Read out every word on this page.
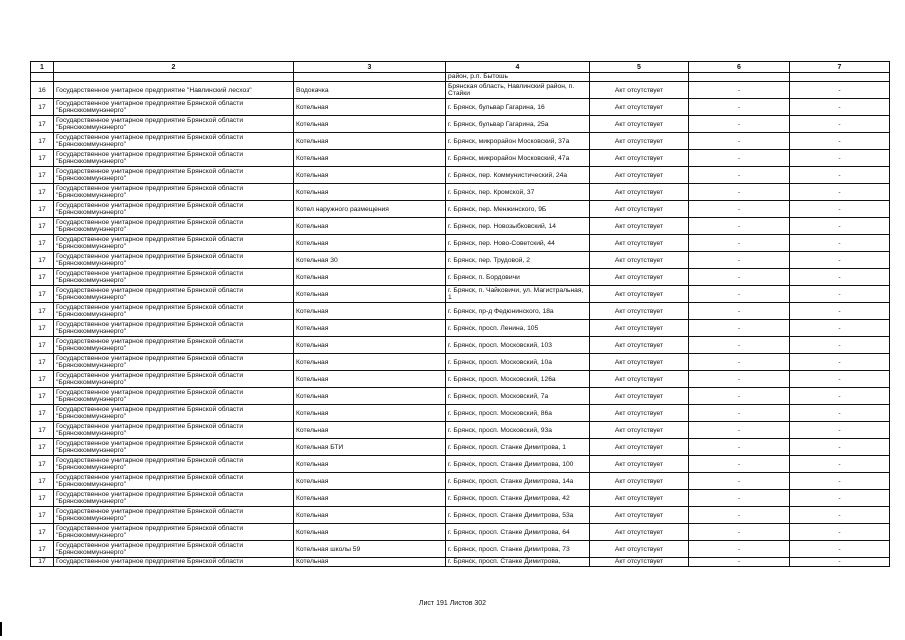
1	2	3	4	5	6	7
			район, р.п. Бытошь			
16	Государственное унитарное предприятие "Навлинский лесхоз"	Водокачка	Брянская область, Навлинский район, п. Стайки	Акт отсутствует	-	-
17	Государственное унитарное предприятие Брянской области "Брянсккоммунэнерго"	Котельная	г. Брянск, бульвар Гагарина, 16	Акт отсутствует	-	-
17	Государственное унитарное предприятие Брянской области "Брянсккоммунэнерго"	Котельная	г. Брянск, бульвар Гагарина, 25а	Акт отсутствует	-	-
17	Государственное унитарное предприятие Брянской области "Брянсккоммунэнерго"	Котельная	г. Брянск, микрорайон Московский, 37а	Акт отсутствует	-	-
17	Государственное унитарное предприятие Брянской области "Брянсккоммунэнерго"	Котельная	г. Брянск, микрорайон Московский, 47а	Акт отсутствует	-	-
17	Государственное унитарное предприятие Брянской области "Брянсккоммунэнерго"	Котельная	г. Брянск, пер. Коммунистический, 24а	Акт отсутствует	-	-
17	Государственное унитарное предприятие Брянской области "Брянсккоммунэнерго"	Котельная	г. Брянск, пер. Кромской, 37	Акт отсутствует	-	-
17	Государственное унитарное предприятие Брянской области "Брянсккоммунэнерго"	Котел наружного размещения	г. Брянск, пер. Менжинского, 9Б	Акт отсутствует	-	-
17	Государственное унитарное предприятие Брянской области "Брянсккоммунэнерго"	Котельная	г. Брянск, пер. Новозыбковский, 14	Акт отсутствует	-	-
17	Государственное унитарное предприятие Брянской области "Брянсккоммунэнерго"	Котельная	г. Брянск, пер. Ново-Советский, 44	Акт отсутствует	-	-
17	Государственное унитарное предприятие Брянской области "Брянсккоммунэнерго"	Котельная 30	г. Брянск, пер. Трудовой, 2	Акт отсутствует	-	-
17	Государственное унитарное предприятие Брянской области "Брянсккоммунэнерго"	Котельная	г. Брянск, п. Бордовичи	Акт отсутствует	-	-
17	Государственное унитарное предприятие Брянской области "Брянсккоммунэнерго"	Котельная	г. Брянск, п. Чайковичи, ул. Магистральная, 1	Акт отсутствует	-	-
17	Государственное унитарное предприятие Брянской области "Брянсккоммунэнерго"	Котельная	г. Брянск, пр-д Федюнинского, 18а	Акт отсутствует	-	-
17	Государственное унитарное предприятие Брянской области "Брянсккоммунэнерго"	Котельная	г. Брянск, просп. Ленина, 105	Акт отсутствует	-	-
17	Государственное унитарное предприятие Брянской области "Брянсккоммунэнерго"	Котельная	г. Брянск, просп. Московский, 103	Акт отсутствует	-	-
17	Государственное унитарное предприятие Брянской области "Брянсккоммунэнерго"	Котельная	г. Брянск, просп. Московский, 10а	Акт отсутствует	-	-
17	Государственное унитарное предприятие Брянской области "Брянсккоммунэнерго"	Котельная	г. Брянск, просп. Московский, 126а	Акт отсутствует	-	-
17	Государственное унитарное предприятие Брянской области "Брянсккоммунэнерго"	Котельная	г. Брянск, просп. Московский, 7а	Акт отсутствует	-	-
17	Государственное унитарное предприятие Брянской области "Брянсккоммунэнерго"	Котельная	г. Брянск, просп. Московский, 86а	Акт отсутствует	-	-
17	Государственное унитарное предприятие Брянской области "Брянсккоммунэнерго"	Котельная	г. Брянск, просп. Московский, 93а	Акт отсутствует	-	-
17	Государственное унитарное предприятие Брянской области "Брянсккоммунэнерго"	Котельная БТИ	г. Брянск, просп. Станке Димитрова, 1	Акт отсутствует	-	-
17	Государственное унитарное предприятие Брянской области "Брянсккоммунэнерго"	Котельная	г. Брянск, просп. Станке Димитрова, 100	Акт отсутствует	-	-
17	Государственное унитарное предприятие Брянской области "Брянсккоммунэнерго"	Котельная	г. Брянск, просп. Станке Димитрова, 14а	Акт отсутствует	-	-
17	Государственное унитарное предприятие Брянской области "Брянсккоммунэнерго"	Котельная	г. Брянск, просп. Станке Димитрова, 42	Акт отсутствует	-	-
17	Государственное унитарное предприятие Брянской области "Брянсккоммунэнерго"	Котельная	г. Брянск, просп. Станке Димитрова, 53а	Акт отсутствует	-	-
17	Государственное унитарное предприятие Брянской области "Брянсккоммунэнерго"	Котельная	г. Брянск, просп. Станке Димитрова, 64	Акт отсутствует	-	-
17	Государственное унитарное предприятие Брянской области "Брянсккоммунэнерго"	Котельная школы 59	г. Брянск, просп. Станке Димитрова, 73	Акт отсутствует	-	-
17	Государственное унитарное предприятие Брянской области	Котельная	г. Брянск, просп. Станке Димитрова,	Акт отсутствует	-	-
Лист 191 Листов 302
